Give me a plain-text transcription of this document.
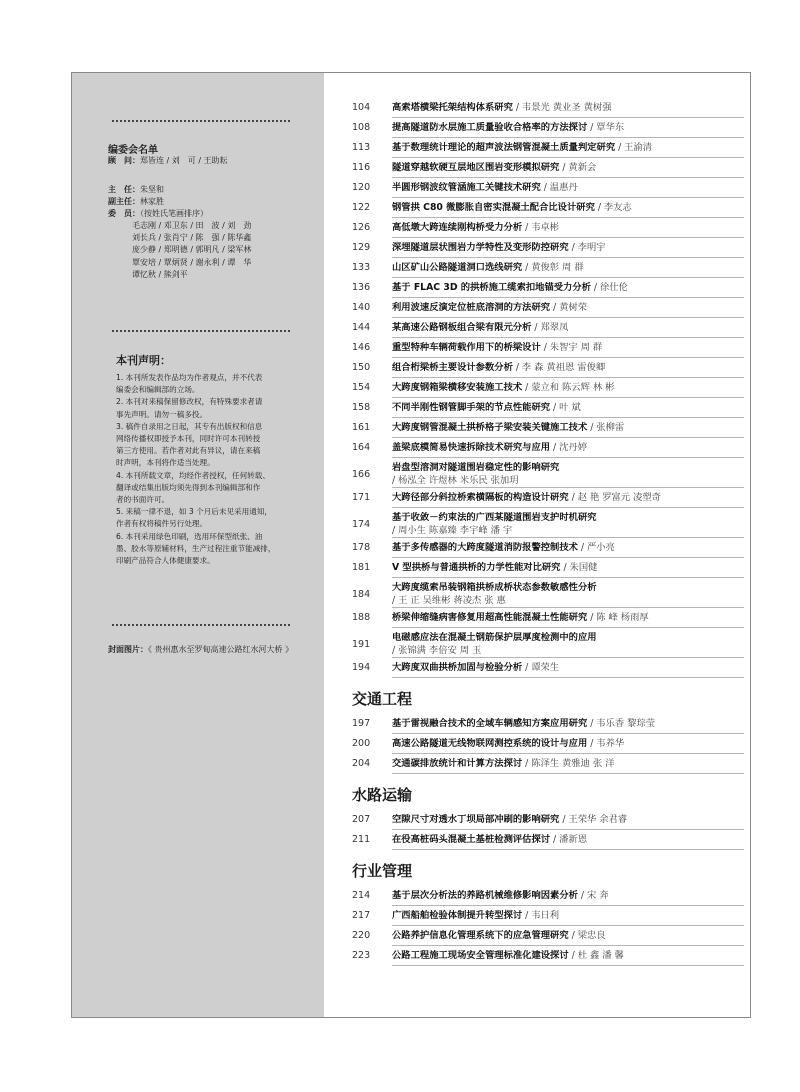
编委会名单
顾　问：郑皆连 / 刘　可 / 王助耘
主　任：朱坚和
副主任：林家胜
委　员：（按姓氏笔画排序）
毛志刚 / 邓卫东 / 田　波 / 刘　劲
刘长兵 / 张肖宁 / 陈　强 / 陈华鑫
庞少静 / 郑明德 / 郭明凡 / 梁军林
覃安培 / 覃炳贤 / 谢永利 / 谭　华
谭忆秋 / 熊剑平
本刊声明：

1. 本刊所发表作品均为作者观点，并不代表

编委会和编辑部的立场。

2. 本刊对来稿保留修改权，有特殊要求者请

事先声明。请勿一稿多投。

3. 稿件自录用之日起，其专有出版权和信息

网络传播权即授予本刊，同时许可本刊转授

第三方使用。若作者对此有异议，请在来稿

时声明，本刊将作适当处理。

4. 本刊所载文章，均经作者授权，任何转载、

翻译或结集出版均须先得到本刊编辑部和作

者的书面许可。

5. 来稿一律不退，如 3 个月后未见采用通知，

作者有权将稿件另行处理。

6. 本刊采用绿色印刷，选用环保型纸张、油

墨、胶水等原辅材料，生产过程注重节能减排，

印刷产品符合人体健康要求。

封面图片：《 贵州惠水至罗甸高速公路红水河大桥 》
104	高索塔横梁托架结构体系研究 / 韦景光 黄业圣 黄树强
108	提高隧道防水层施工质量验收合格率的方法探讨 / 覃华东
113	基于数理统计理论的超声波法钢管混凝土质量判定研究 / 王渝清
116	隧道穿越软硬互层地区围岩变形模拟研究 / 黄新会
120	半圆形钢波纹管涵施工关键技术研究 / 温惠丹
122	钢管拱 C80 微膨胀自密实混凝土配合比设计研究 / 李友志
126	高低墩大跨连续刚构桥受力分析 / 韦卓彬
129	深埋隧道层状围岩力学特性及变形防控研究 / 李明宇
133	山区矿山公路隧道洞口选线研究 / 黄俊彰 周 群
136	基于 FLAC 3D 的拱桥施工缆索扣地锚受力分析 / 徐仕伦
140	利用波速反演定位桩底溶洞的方法研究 / 黄树荣
144	某高速公路钢板组合梁有限元分析 / 郑翠凤
146	重型特种车辆荷载作用下的桥梁设计 / 朱智宇 周 群
150	组合桁梁桥主要设计参数分析 / 李 森 黄祖恩 雷俊卿
154	大跨度钢箱梁横移安装施工技术 / 蒙立和 陈云辉 林 彬
158	不同半刚性钢管脚手架的节点性能研究 / 叶 斌
161	大跨度钢管混凝土拱桥格子梁安装关键施工技术 / 张柳雷
164	盖梁底模简易快速拆除技术研究与应用 / 沈丹婷
166
岩盘型溶洞对隧道围岩稳定性的影响研究
/ 杨泓全 许煜林 米乐民 张加玥
171	大跨径部分斜拉桥索横隔板的构造设计研究 / 赵 艳 罗富元 凌塑奇
174
基于收敛－约束法的广西某隧道围岩支护时机研究
/ 周小生 陈嘉臻 李宇峰 潘 宇
178	基于多传感器的大跨度隧道消防报警控制技术 / 严小亮
181	V 型拱桥与普通拱桥的力学性能对比研究 / 朱国健
184
大跨度缆索吊装钢箱拱桥成桥状态参数敏感性分析
/ 王 正 吴维彬 蒋凌杰 张 惠
188	桥梁伸缩缝病害修复用超高性能混凝土性能研究 / 陈 峰 杨雨厚
191
电磁感应法在混凝土钢筋保护层厚度检测中的应用
/ 张锦满 李倍安 周 玉
194	大跨度双曲拱桥加固与检验分析 / 谭荣生
交通工程
197	基于雷视融合技术的全域车辆感知方案应用研究 / 韦乐香 黎琮莹
200	高速公路隧道无线物联网测控系统的设计与应用 / 韦养华
204	交通碳排放统计和计算方法探讨 / 陈泽生 黄雅迪 张 洋
水路运输
207	空隙尺寸对透水丁坝局部冲刷的影响研究 / 王荣华 余君睿
211	在役高桩码头混凝土基桩检测评估探讨 / 潘新恩
行业管理
214	基于层次分析法的养路机械维修影响因素分析 / 宋 奔
217	广西船舶检验体制提升转型探讨 / 韦日利
220	公路养护信息化管理系统下的应急管理研究 / 梁忠良
223	公路工程施工现场安全管理标准化建设探讨 / 杜 鑫 潘 馨
